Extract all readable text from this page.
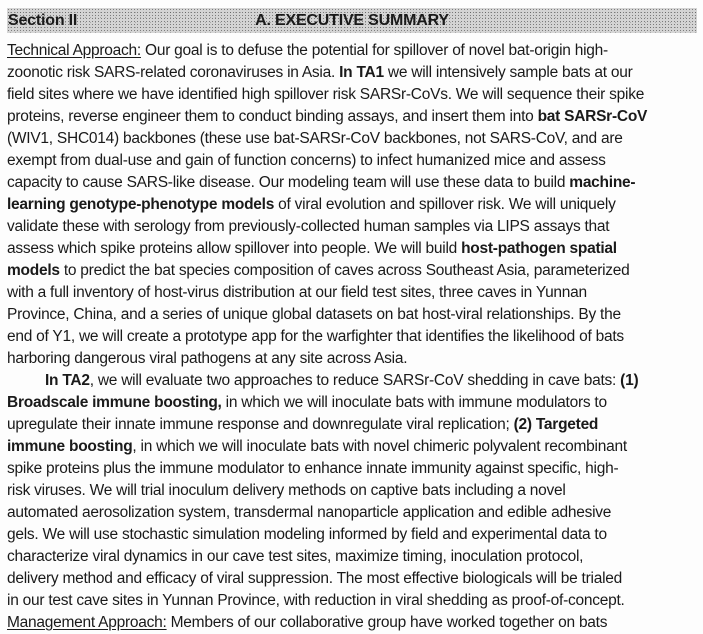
Section II	A. EXECUTIVE SUMMARY
Technical Approach: Our goal is to defuse the potential for spillover of novel bat-origin high-
zoonotic risk SARS-related coronaviruses in Asia. In TA1 we will intensively sample bats at our
field sites where we have identified high spillover risk SARSr-CoVs. We will sequence their spike
proteins, reverse engineer them to conduct binding assays, and insert them into bat SARSr-CoV
(WIV1, SHC014) backbones (these use bat-SARSr-CoV backbones, not SARS-CoV, and are
exempt from dual-use and gain of function concerns) to infect humanized mice and assess
capacity to cause SARS-like disease. Our modeling team will use these data to build machine-
learning genotype-phenotype models of viral evolution and spillover risk. We will uniquely
validate these with serology from previously-collected human samples via LIPS assays that
assess which spike proteins allow spillover into people. We will build host-pathogen spatial
models to predict the bat species composition of caves across Southeast Asia, parameterized
with a full inventory of host-virus distribution at our field test sites, three caves in Yunnan
Province, China, and a series of unique global datasets on bat host-viral relationships. By the
end of Y1, we will create a prototype app for the warfighter that identifies the likelihood of bats
harboring dangerous viral pathogens at any site across Asia.
In TA2, we will evaluate two approaches to reduce SARSr-CoV shedding in cave bats: (1)
Broadscale immune boosting, in which we will inoculate bats with immune modulators to
upregulate their innate immune response and downregulate viral replication; (2) Targeted
immune boosting, in which we will inoculate bats with novel chimeric polyvalent recombinant
spike proteins plus the immune modulator to enhance innate immunity against specific, high-
risk viruses. We will trial inoculum delivery methods on captive bats including a novel
automated aerosolization system, transdermal nanoparticle application and edible adhesive
gels. We will use stochastic simulation modeling informed by field and experimental data to
characterize viral dynamics in our cave test sites, maximize timing, inoculation protocol,
delivery method and efficacy of viral suppression. The most effective biologicals will be trialed
in our test cave sites in Yunnan Province, with reduction in viral shedding as proof-of-concept.
Management Approach: Members of our collaborative group have worked together on bats
